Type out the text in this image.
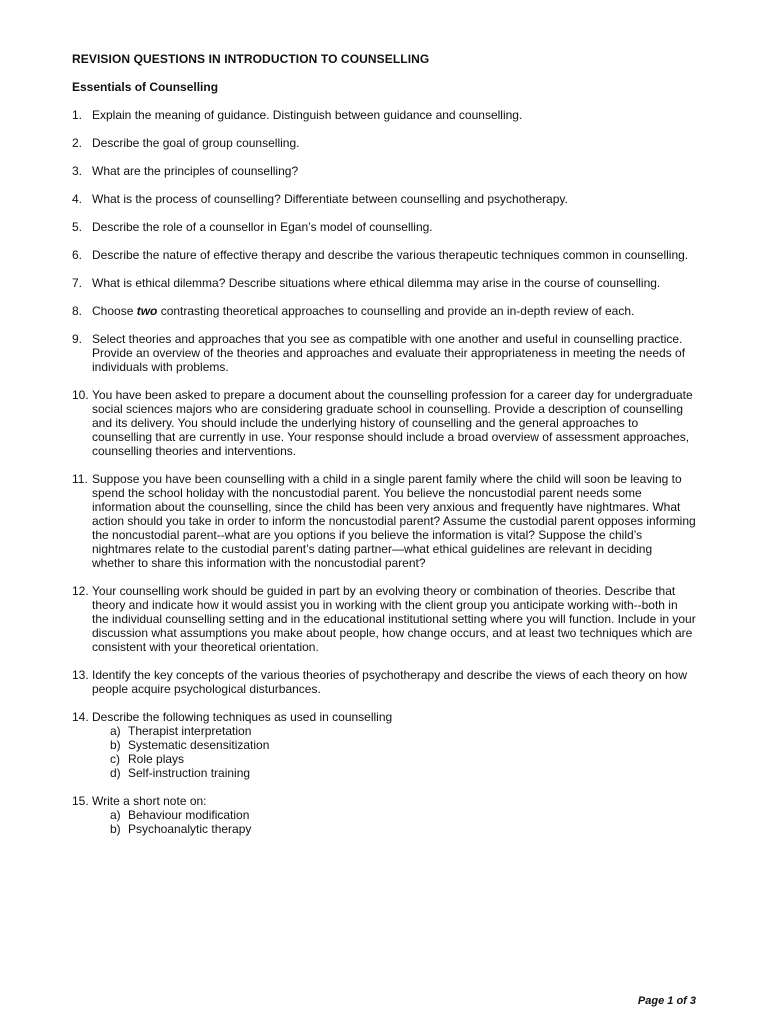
REVISION QUESTIONS IN INTRODUCTION TO COUNSELLING
Essentials of Counselling
1. Explain the meaning of guidance. Distinguish between guidance and counselling.
2. Describe the goal of group counselling.
3. What are the principles of counselling?
4. What is the process of counselling? Differentiate between counselling and psychotherapy.
5. Describe the role of a counsellor in Egan’s model of counselling.
6. Describe the nature of effective therapy and describe the various therapeutic techniques common in counselling.
7. What is ethical dilemma? Describe situations where ethical dilemma may arise in the course of counselling.
8. Choose two contrasting theoretical approaches to counselling and provide an in-depth review of each.
9. Select theories and approaches that you see as compatible with one another and useful in counselling practice. Provide an overview of the theories and approaches and evaluate their appropriateness in meeting the needs of individuals with problems.
10. You have been asked to prepare a document about the counselling profession for a career day for undergraduate social sciences majors who are considering graduate school in counselling. Provide a description of counselling and its delivery. You should include the underlying history of counselling and the general approaches to counselling that are currently in use. Your response should include a broad overview of assessment approaches, counselling theories and interventions.
11. Suppose you have been counselling with a child in a single parent family where the child will soon be leaving to spend the school holiday with the noncustodial parent. You believe the noncustodial parent needs some information about the counselling, since the child has been very anxious and frequently have nightmares. What action should you take in order to inform the noncustodial parent? Assume the custodial parent opposes informing the noncustodial parent--what are you options if you believe the information is vital? Suppose the child’s nightmares relate to the custodial parent’s dating partner—what ethical guidelines are relevant in deciding whether to share this information with the noncustodial parent?
12. Your counselling work should be guided in part by an evolving theory or combination of theories. Describe that theory and indicate how it would assist you in working with the client group you anticipate working with--both in the individual counselling setting and in the educational institutional setting where you will function. Include in your discussion what assumptions you make about people, how change occurs, and at least two techniques which are consistent with your theoretical orientation.
13. Identify the key concepts of the various theories of psychotherapy and describe the views of each theory on how people acquire psychological disturbances.
14. Describe the following techniques as used in counselling
a) Therapist interpretation
b) Systematic desensitization
c) Role plays
d) Self-instruction training
15. Write a short note on:
a) Behaviour modification
b) Psychoanalytic therapy
Page 1 of 3
